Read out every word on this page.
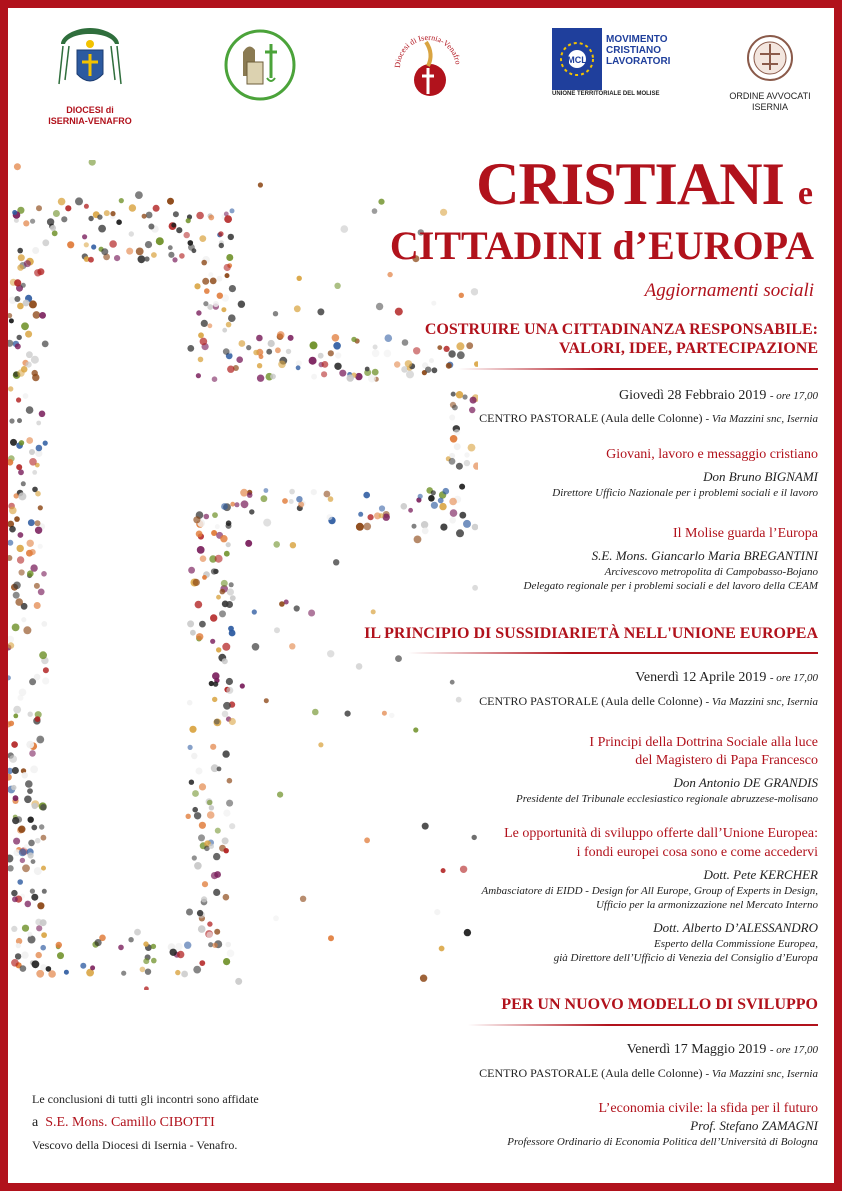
DIOCESI di
ISERNIA-VENAFRO
Diocesi di Isernia-Venafro	MCL
MOVIMENTO
CRISTIANO
LAVORATORI
UNIONE TERRITORIALE DEL MOLISE	ORDINE AVVOCATI
ISERNIA
CRISTIANI e
CITTADINI d’EUROPA
Aggiornamenti sociali
COSTRUIRE UNA CITTADINANZA RESPONSABILE:
VALORI, IDEE, PARTECIPAZIONE
Giovedì 28 Febbraio 2019 - ore 17,00
CENTRO PASTORALE (Aula delle Colonne) - Via Mazzini snc, Isernia
Giovani, lavoro e messaggio cristiano
Don Bruno BIGNAMI
Direttore Ufficio Nazionale per i problemi sociali e il lavoro
Il Molise guarda l’Europa
S.E. Mons. Giancarlo Maria BREGANTINI
Arcivescovo metropolita di Campobasso-Bojano
Delegato regionale per i problemi sociali e del lavoro della CEAM
IL PRINCIPIO DI SUSSIDIARIETÀ NELL'UNIONE EUROPEA
Venerdì 12 Aprile 2019 - ore 17,00
CENTRO PASTORALE (Aula delle Colonne) - Via Mazzini snc, Isernia
I Principi della Dottrina Sociale alla luce
del Magistero di Papa Francesco
Don Antonio DE GRANDIS
Presidente del Tribunale ecclesiastico regionale abruzzese-molisano
Le opportunità di sviluppo offerte dall’Unione Europea:
i fondi europei cosa sono e come accedervi
Dott. Pete KERCHER
Ambasciatore di EIDD - Design for All Europe, Group of Experts in Design,
Ufficio per la armonizzazione nel Mercato Interno
Dott. Alberto D’ALESSANDRO
Esperto della Commissione Europea,
già Direttore dell’Ufficio di Venezia del Consiglio d’Europa
PER UN NUOVO MODELLO DI SVILUPPO
Venerdì 17 Maggio 2019 - ore 17,00
CENTRO PASTORALE (Aula delle Colonne) - Via Mazzini snc, Isernia
L’economia civile: la sfida per il futuro
Prof. Stefano ZAMAGNI
Professore Ordinario di Economia Politica dell’Università di Bologna
Le conclusioni di tutti gli incontri sono affidate
a S.E. Mons. Camillo CIBOTTI
Vescovo della Diocesi di Isernia - Venafro.
